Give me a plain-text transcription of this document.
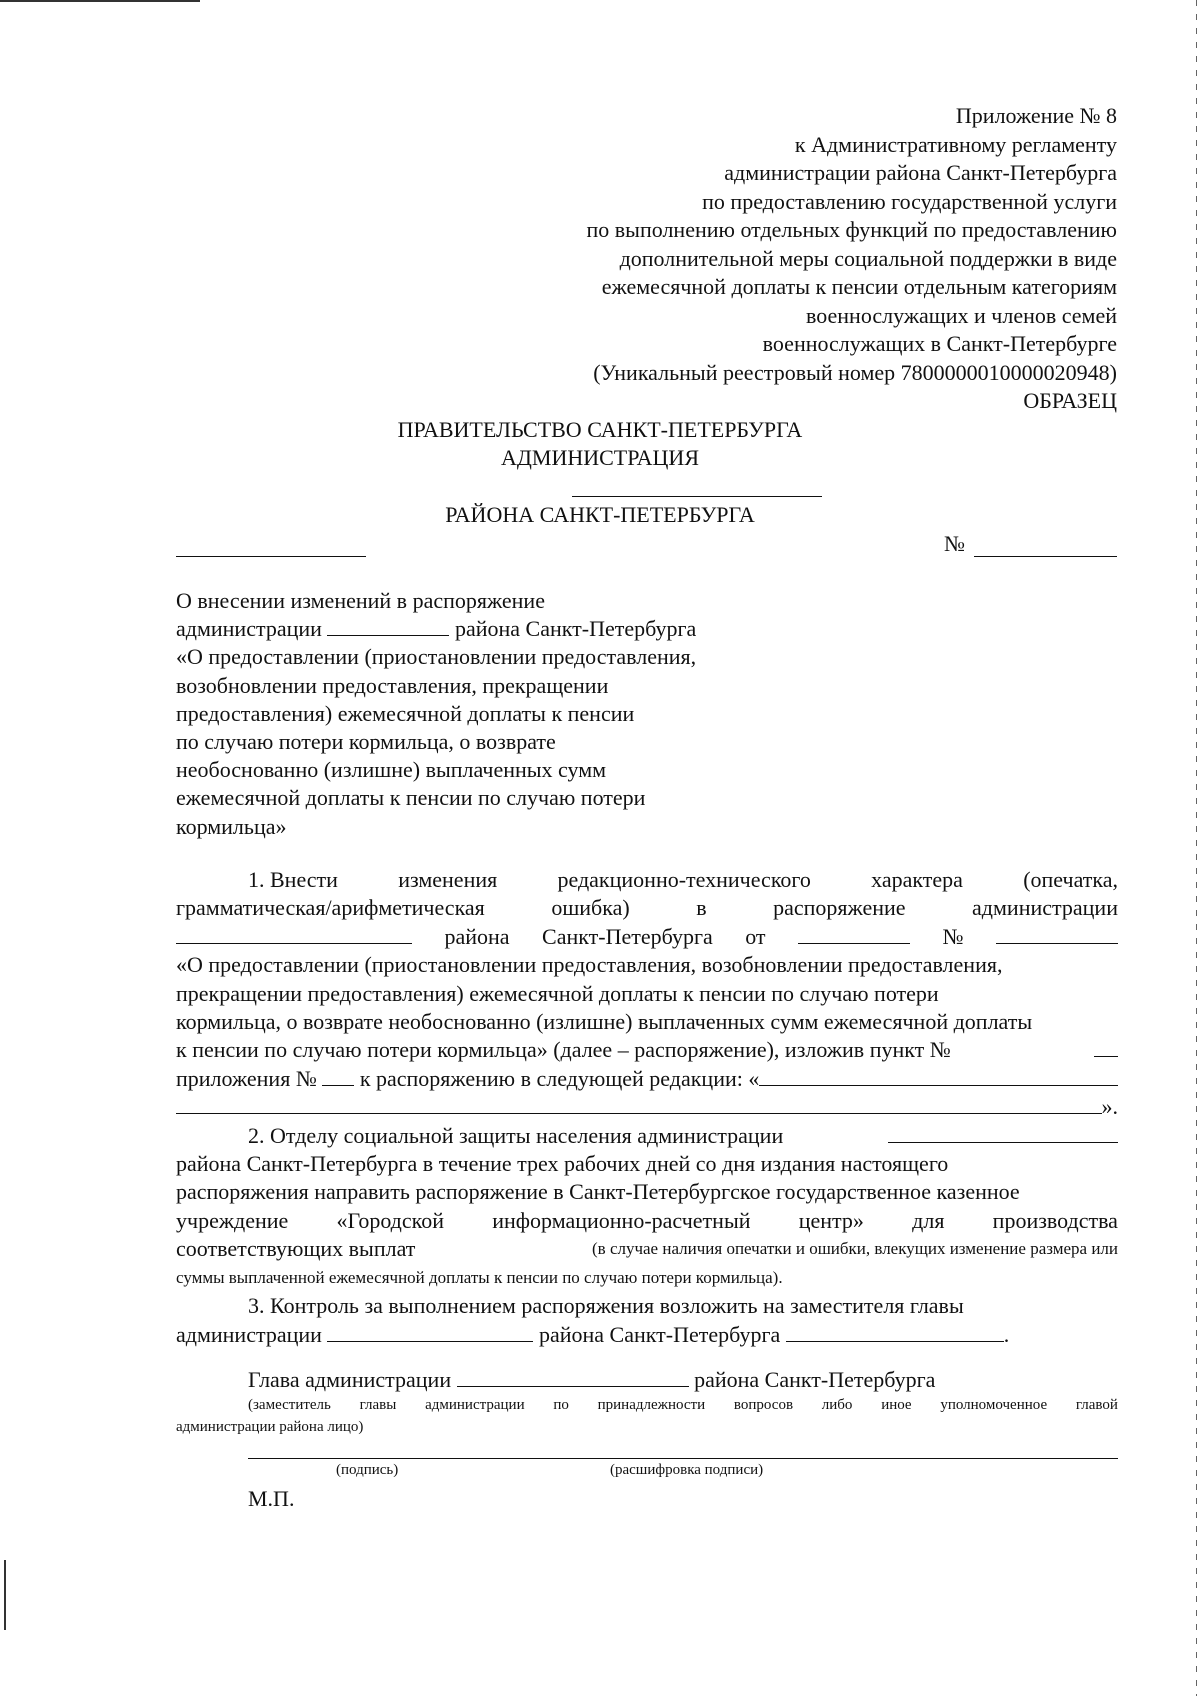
Приложение № 8
к Административному регламенту
администрации района Санкт-Петербурга
по предоставлению государственной услуги
по выполнению отдельных функций по предоставлению
дополнительной меры социальной поддержки в виде
ежемесячной доплаты к пенсии отдельным категориям
военнослужащих и членов семей
военнослужащих в Санкт-Петербурге
(Уникальный реестровый номер 7800000010000020948)
ОБРАЗЕЦ
ПРАВИТЕЛЬСТВО САНКТ-ПЕТЕРБУРГА
АДМИНИСТРАЦИЯ
РАЙОНА САНКТ-ПЕТЕРБУРГА
№
О внесении изменений в распоряжение
администрации	района Санкт-Петербурга
«О предоставлении (приостановлении предоставления,
возобновлении предоставления, прекращении
предоставления) ежемесячной доплаты к пенсии
по случаю потери кормильца, о возврате
необоснованно (излишне) выплаченных сумм
ежемесячной доплаты к пенсии по случаю потери
кормильца»
1. Внести	изменения	редакционно-технического	характера	(опечатка,
грамматическая/арифметическая	ошибка)	в	распоряжение	администрации
района Санкт-Петербурга от	№
«О предоставлении (приостановлении предоставления, возобновлении предоставления,
прекращении предоставления) ежемесячной доплаты к пенсии по случаю потери
кормильца, о возврате необоснованно (излишне) выплаченных сумм ежемесячной доплаты
к пенсии по случаю потери кормильца» (далее – распоряжение), изложив пункт №
приложения №

к распоряжению в следующей редакции: «
».
2. Отделу социальной защиты населения администрации
района Санкт-Петербурга в течение трех рабочих дней со дня издания настоящего
распоряжения направить распоряжение в Санкт-Петербургское государственное казенное
учреждение «Городской информационно-расчетный центр» для производства
соответствующих выплат	(в случае наличия опечатки и ошибки, влекущих изменение размера или
суммы выплаченной ежемесячной доплаты к пенсии по случаю потери кормильца).
3. Контроль за выполнением распоряжения возложить на заместителя главы
администрации

	района Санкт-Петербурга
	.
Глава администрации	района Санкт-Петербурга
(заместитель главы администрации по принадлежности вопросов либо иное уполномоченное главой
администрации района лицо)
(подпись)	(расшифровка подписи)
М.П.
